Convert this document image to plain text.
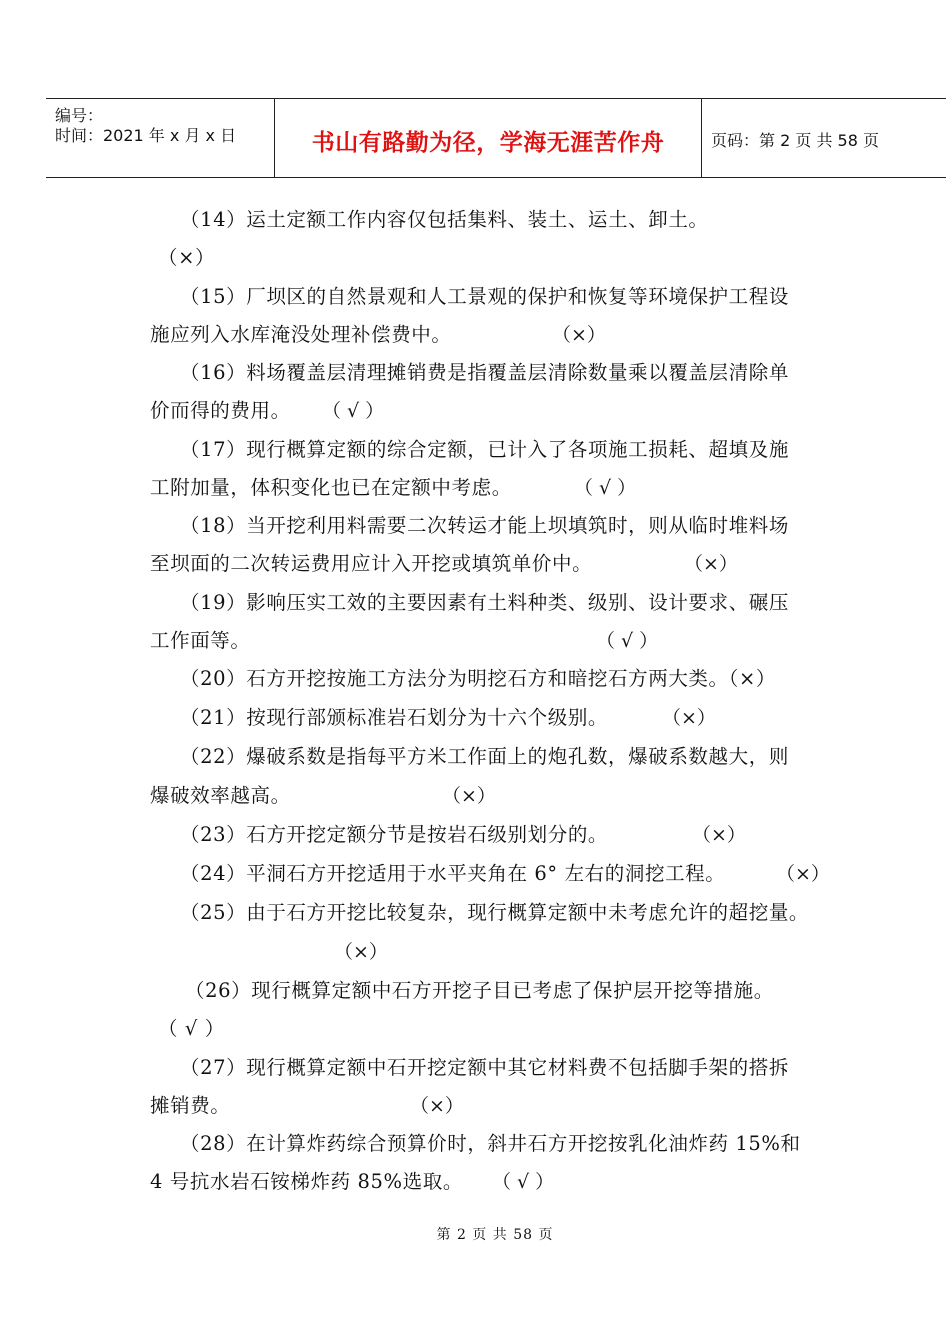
编号：
时间：2021 年 x 月 x 日	书山有路勤为径，学海无涯苦作舟	页码：第 2 页 共 58 页
（14）运土定额工作内容仅包括集料、装土、运土、卸土。
（×）
（15）厂坝区的自然景观和人工景观的保护和恢复等环境保护工程设
施应列入水库淹没处理补偿费中。	（×）
（16）料场覆盖层清理摊销费是指覆盖层清除数量乘以覆盖层清除单
价而得的费用。	（ √ ）
（17）现行概算定额的综合定额，已计入了各项施工损耗、超填及施
工附加量，体积变化也已在定额中考虑。	（ √ ）
（18）当开挖利用料需要二次转运才能上坝填筑时，则从临时堆料场
至坝面的二次转运费用应计入开挖或填筑单价中。	（×）
（19）影响压实工效的主要因素有土料种类、级别、设计要求、碾压
工作面等。	（ √ ）
（20）石方开挖按施工方法分为明挖石方和暗挖石方两大类。（×）
（21）按现行部颁标准岩石划分为十六个级别。	（×）
（22）爆破系数是指每平方米工作面上的炮孔数，爆破系数越大，则
爆破效率越高。	（×）
（23）石方开挖定额分节是按岩石级别划分的。	（×）
（24）平洞石方开挖适用于水平夹角在 6° 左右的洞挖工程。	（×）
（25）由于石方开挖比较复杂，现行概算定额中未考虑允许的超挖量。
（×）
（26）现行概算定额中石方开挖子目已考虑了保护层开挖等措施。
（ √ ）
（27）现行概算定额中石开挖定额中其它材料费不包括脚手架的搭拆
摊销费。	（×）
（28）在计算炸药综合预算价时，斜井石方开挖按乳化油炸药 15%和
4 号抗水岩石铵梯炸药 85%选取。	（ √ ）
第 2 页 共 58 页
